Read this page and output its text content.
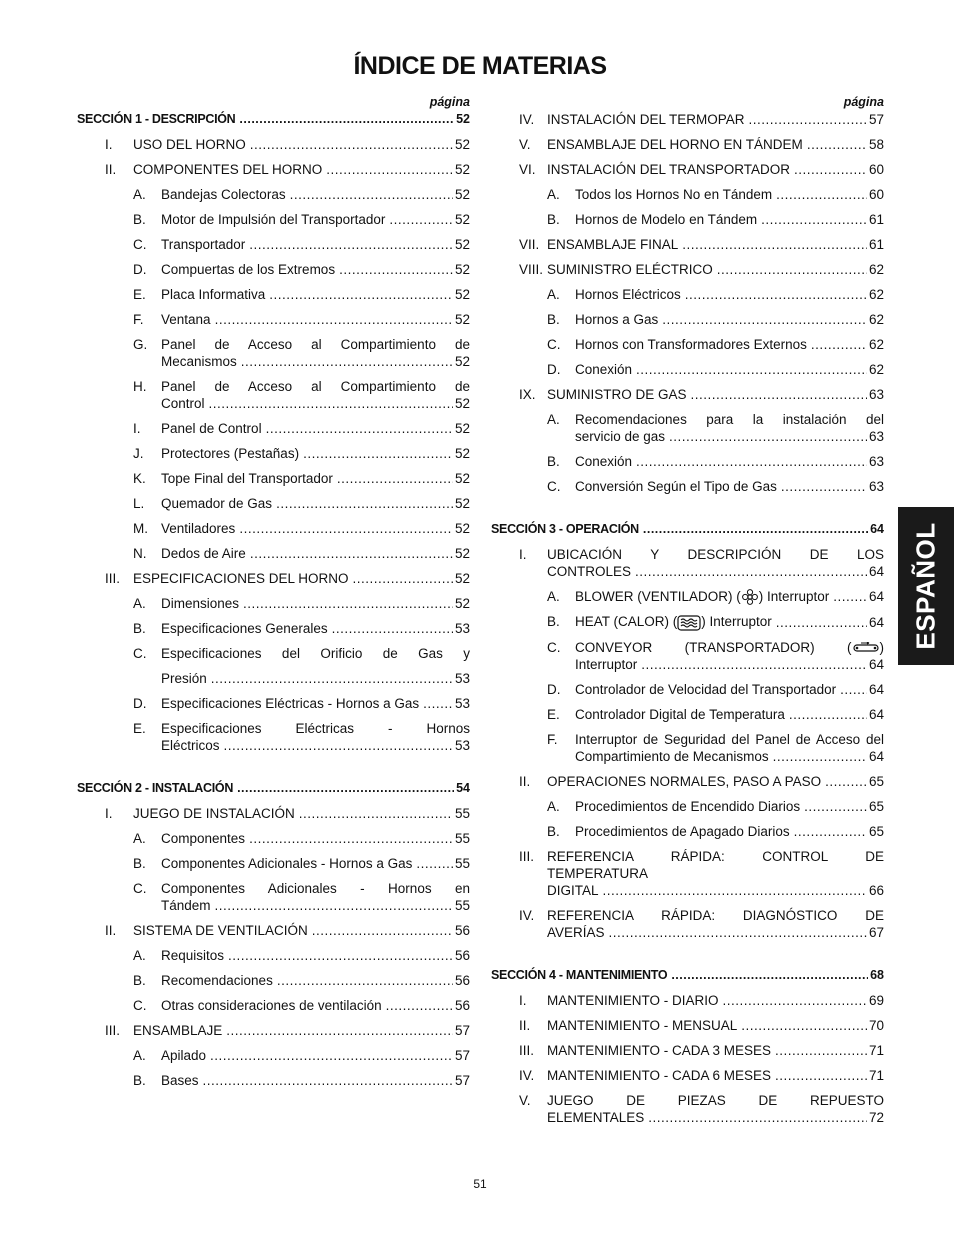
ÍNDICE DE MATERIAS
página
SECCIÓN 1 - DESCRIPCIÓN .....	52
I. USO DEL HORNO .....	52
II. COMPONENTES DEL HORNO .....	52
A. Bandejas Colectoras .....	52
B. Motor de Impulsión del Transportador .....	52
C. Transportador .....	52
D. Compuertas de los Extremos .....	52
E. Placa Informativa .....	52
F. Ventana .....	52
G. Panel de Acceso al Compartimiento de
Mecanismos .....	52
H. Panel de Acceso al Compartimiento de
Control .....	52
I. Panel de Control .....	52
J. Protectores (Pestañas) .....	52
K. Tope Final del Transportador .....	52
L. Quemador de Gas .....	52
M. Ventiladores .....	52
N. Dedos de Aire .....	52
III. ESPECIFICACIONES DEL HORNO .....	52
A. Dimensiones .....	52
B. Especificaciones Generales .....	53
C. Especificaciones del Orificio de Gas y
Presión .....	53
D. Especificaciones Eléctricas - Hornos a Gas .....	53
E. Especificaciones Eléctricas - Hornos
Eléctricos .....	53
SECCIÓN 2 - INSTALACIÓN .....	54
I. JUEGO DE INSTALACIÓN .....	55
A. Componentes .....	55
B. Componentes Adicionales - Hornos a Gas .....	55
C. Componentes Adicionales - Hornos en
Tándem .....	55
II. SISTEMA DE VENTILACIÓN .....	56
A. Requisitos .....	56
B. Recomendaciones .....	56
C. Otras consideraciones de ventilación .....	56
III. ENSAMBLAJE .....	57
A. Apilado .....	57
B. Bases .....	57
página
IV. INSTALACIÓN DEL TERMOPAR .....	57
V. ENSAMBLAJE DEL HORNO EN TÁNDEM .....	58
VI. INSTALACIÓN DEL TRANSPORTADOR .....	60
A. Todos los Hornos No en Tándem .....	60
B. Hornos de Modelo en Tándem .....	61
VII. ENSAMBLAJE FINAL .....	61
VIII. SUMINISTRO ELÉCTRICO .....	62
A. Hornos Eléctricos .....	62
B. Hornos a Gas .....	62
C. Hornos con Transformadores Externos .....	62
D. Conexión .....	62
IX. SUMINISTRO DE GAS .....	63
A. Recomendaciones para la instalación del
servicio de gas .....	63
B. Conexión .....	63
C. Conversión Según el Tipo de Gas .....	63
SECCIÓN 3 - OPERACIÓN .....	64
I. UBICACIÓN Y DESCRIPCIÓN DE LOS
CONTROLES .....	64
A. BLOWER (VENTILADOR) ( ) Interruptor .....	64
B. HEAT (CALOR) ( ) Interruptor .....	64
C. CONVEYOR (TRANSPORTADOR) ( )
Interruptor .....	64
D. Controlador de Velocidad del Transportador ..... 64
E. Controlador Digital de Temperatura .....	64
F. Interruptor de Seguridad del Panel de Acceso del
Compartimiento de Mecanismos .....	64
II. OPERACIONES NORMALES, PASO A PASO .....	65
A. Procedimientos de Encendido Diarios .....	65
B. Procedimientos de Apagado Diarios .....	65
III. REFERENCIA RÁPIDA: CONTROL DE TEMPERATURA
DIGITAL .....	66
IV. REFERENCIA RÁPIDA: DIAGNÓSTICO DE
AVERÍAS .....	67
SECCIÓN 4 - MANTENIMIENTO .....	68
I. MANTENIMIENTO - DIARIO .....	69
II. MANTENIMIENTO - MENSUAL .....	70
III. MANTENIMIENTO - CADA 3 MESES .....	71
IV. MANTENIMIENTO - CADA 6 MESES .....	71
V. JUEGO DE PIEZAS DE REPUESTO
ELEMENTALES .....	72
ESPAÑOL
51
